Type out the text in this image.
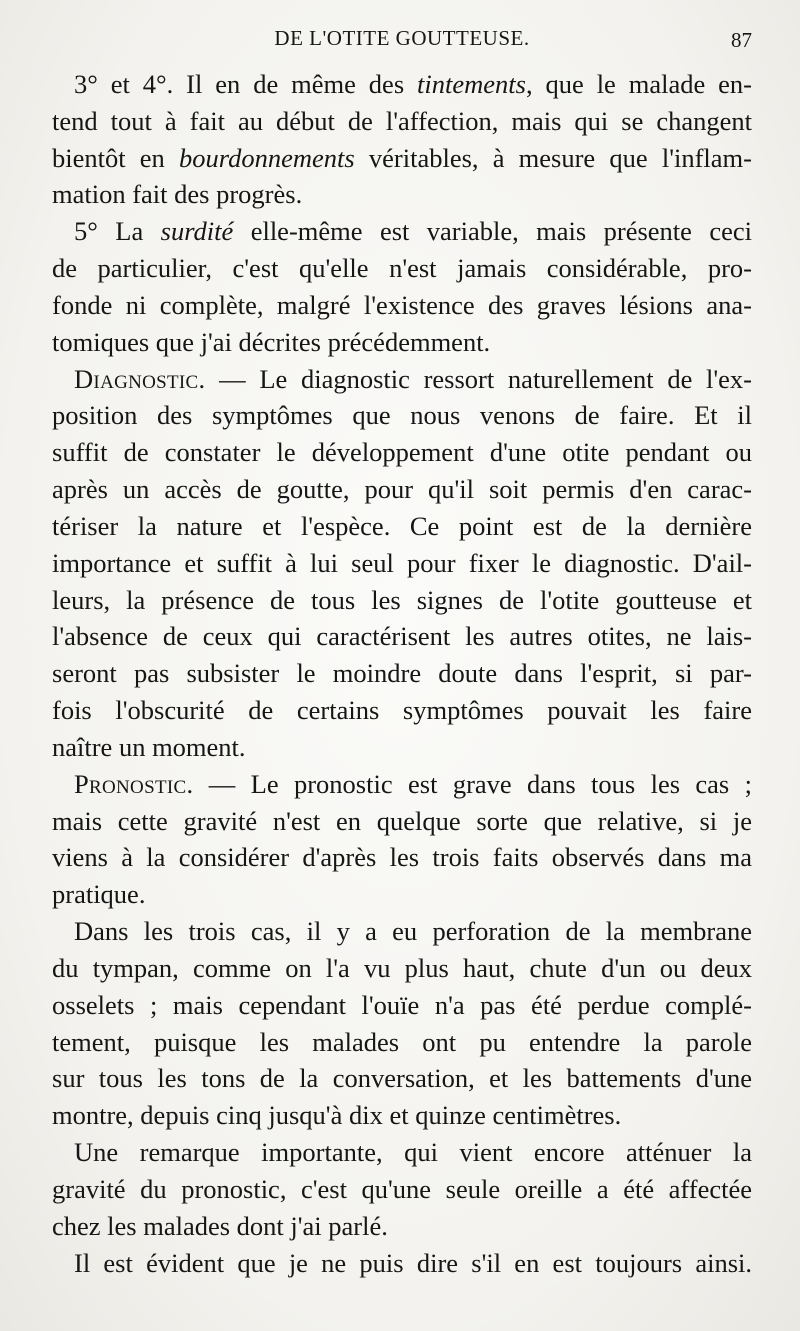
DE L'OTITE GOUTTEUSE.	87
3° et 4°. Il en de même des tintements, que le malade en-
tend tout à fait au début de l'affection, mais qui se changent
bientôt en bourdonnements véritables, à mesure que l'inflam-
mation fait des progrès.
5° La surdité elle-même est variable, mais présente ceci
de particulier, c'est qu'elle n'est jamais considérable, pro-
fonde ni complète, malgré l'existence des graves lésions ana-
tomiques que j'ai décrites précédemment.
Diagnostic. — Le diagnostic ressort naturellement de l'ex-
position des symptômes que nous venons de faire. Et il
suffit de constater le développement d'une otite pendant ou
après un accès de goutte, pour qu'il soit permis d'en carac-
tériser la nature et l'espèce. Ce point est de la dernière
importance et suffit à lui seul pour fixer le diagnostic. D'ail-
leurs, la présence de tous les signes de l'otite goutteuse et
l'absence de ceux qui caractérisent les autres otites, ne lais-
seront pas subsister le moindre doute dans l'esprit, si par-
fois l'obscurité de certains symptômes pouvait les faire
naître un moment.
Pronostic. — Le pronostic est grave dans tous les cas ;
mais cette gravité n'est en quelque sorte que relative, si je
viens à la considérer d'après les trois faits observés dans ma
pratique.
Dans les trois cas, il y a eu perforation de la membrane
du tympan, comme on l'a vu plus haut, chute d'un ou deux
osselets ; mais cependant l'ouïe n'a pas été perdue complé-
tement, puisque les malades ont pu entendre la parole
sur tous les tons de la conversation, et les battements d'une
montre, depuis cinq jusqu'à dix et quinze centimètres.
Une remarque importante, qui vient encore atténuer la
gravité du pronostic, c'est qu'une seule oreille a été affectée
chez les malades dont j'ai parlé.
Il est évident que je ne puis dire s'il en est toujours ainsi.
